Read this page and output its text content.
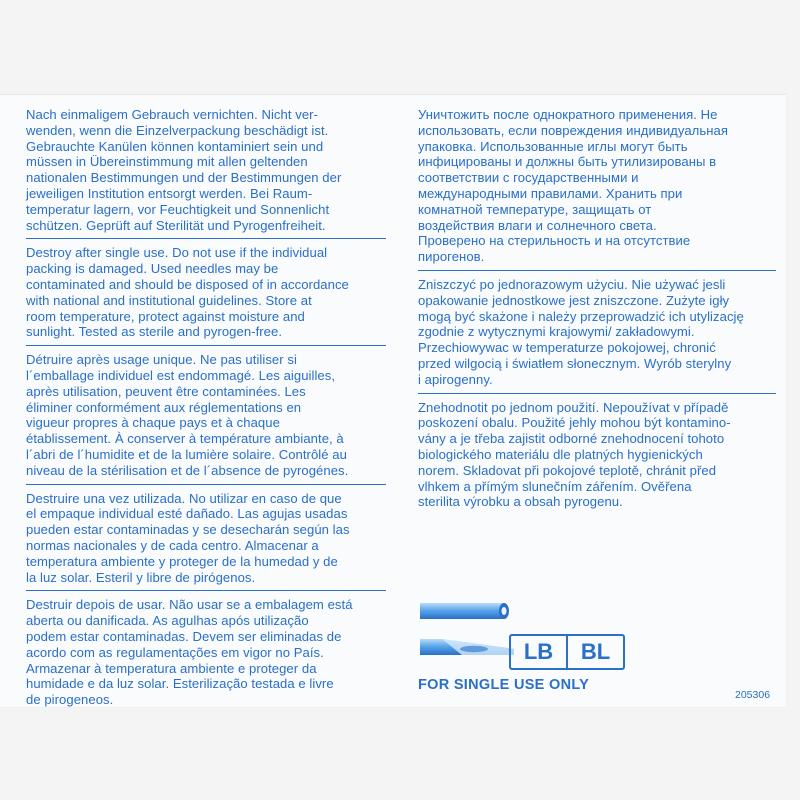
Nach einmaligem Gebrauch vernichten. Nicht ver-
wenden, wenn die Einzelverpackung beschädigt ist.
Gebrauchte Kanülen können kontaminiert sein und
müssen in Übereinstimmung mit allen geltenden
nationalen Bestimmungen und der Bestimmungen der
jeweiligen Institution entsorgt werden. Bei Raum-
temperatur lagern, vor Feuchtigkeit und Sonnenlicht
schützen. Geprüft auf Sterilität und Pyrogenfreiheit.

Destroy after single use. Do not use if the individual
packing is damaged. Used needles may be
contaminated and should be disposed of in accordance
with national and institutional guidelines. Store at
room temperature, protect against moisture and
sunlight. Tested as sterile and pyrogen-free.

Détruire après usage unique. Ne pas utiliser si
l´emballage individuel est endommagé. Les aiguilles,
après utilisation, peuvent être contaminées. Les
éliminer conformément aux réglementations en
vigueur propres à chaque pays et à chaque
établissement. À conserver à température ambiante, à
l´abri de l´humidite et de la lumière solaire. Contrôlé au
niveau de la stérilisation et de l´absence de pyrogénes.

Destruire una vez utilizada. No utilizar en caso de que
el empaque individual esté dañado. Las agujas usadas
pueden estar contaminadas y se desecharán según las
normas nacionales y de cada centro. Almacenar a
temperatura ambiente y proteger de la humedad y de
la luz solar. Esteril y libre de pirógenos.

Destruir depois de usar. Não usar se a embalagem está
aberta ou danificada. As agulhas após utilização
podem estar contaminadas. Devem ser eliminadas de
acordo com as regulamentações em vigor no País.
Armazenar à temperatura ambiente e proteger da
humidade e da luz solar. Esterilização testada e livre
de pirogeneos.

Уничтожить после однократного применения. Не
использовать, если повреждения индивидуальная
упаковка. Использованные иглы могут быть
инфицированы и должны быть утилизированы в
соответствии с государственными и
международными правилами. Хранить при
комнатной температуре, защищать от
воздействия влаги и солнечного света.
Проверено на стерильность и на отсутствие
пирогенов.

Zniszczyć po jednorazowym użyciu. Nie używać jesli
opakowanie jednostkowe jest zniszczone. Zużyte igły
mogą być skażone i należy przeprowadzić ich utylizację
zgodnie z wytycznymi krajowymi/ zakładowymi.
Przechiowywac w temperaturze pokojowej, chronić
przed wilgocią i światłem słonecznym. Wyrób sterylny
i apirogenny.

Znehodnotit po jednom použití. Nepoužívat v případě
poskození obalu. Použité jehly mohou být kontamino-
vány a je třeba zajistit odborné znehodnocení tohoto
biologického materiálu dle platných hygienických
norem. Skladovat při pokojové teplotě, chránit před
vlhkem a přímým slunečním zářením. Ověřena
sterilita výrobku a obsah pyrogenu.

LB	BL
FOR SINGLE USE ONLY
205306
